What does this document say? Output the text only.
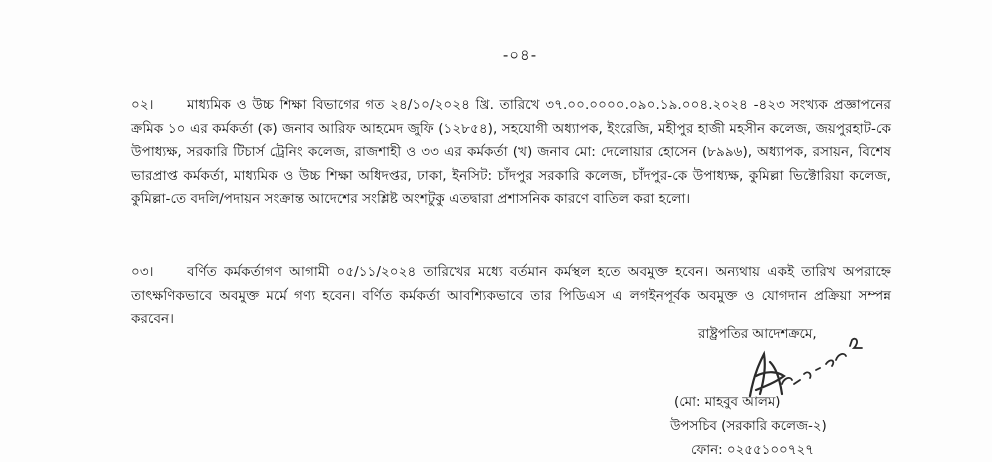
-০৪-
০২। মাধ্যমিক ও উচ্চ শিক্ষা বিভাগের গত ২৪/১০/২০২৪ খ্রি. তারিখে ৩৭.০০.০০০০.০৯০.১৯.০০৪.২০২৪ -৪২৩ সংখ্যক প্রজ্ঞাপনের ক্রমিক ১০ এর কর্মকর্তা (ক) জনাব আরিফ আহমেদ জুফি (১২৮৫৪), সহযোগী অধ্যাপক, ইংরেজি, মহীপুর হাজী মহসীন কলেজ, জয়পুরহাট-কে উপাধ্যক্ষ, সরকারি টিচার্স ট্রেনিং কলেজ, রাজশাহী ও ৩৩ এর কর্মকর্তা (খ) জনাব মো: দেলোয়ার হোসেন (৮৯৯৬), অধ্যাপক, রসায়ন, বিশেষ ভারপ্রাপ্ত কর্মকর্তা, মাধ্যমিক ও উচ্চ শিক্ষা অধিদপ্তর, ঢাকা, ইনসিট: চাঁদপুর সরকারি কলেজ, চাঁদপুর-কে উপাধ্যক্ষ, কুমিল্লা ভিক্টোরিয়া কলেজ, কুমিল্লা-তে বদলি/পদায়ন সংক্রান্ত আদেশের সংশ্লিষ্ট অংশটুকু এতদ্বারা প্রশাসনিক কারণে বাতিল করা হলো।
০৩। বর্ণিত কর্মকর্তাগণ আগামী ০৫/১১/২০২৪ তারিখের মধ্যে বর্তমান কর্মস্থল হতে অবমুক্ত হবেন। অন্যথায় একই তারিখ অপরাহ্নে তাৎক্ষণিকভাবে অবমুক্ত মর্মে গণ্য হবেন। বর্ণিত কর্মকর্তা আবশ্যিকভাবে তার পিডিএস এ লগইনপূর্বক অবমুক্ত ও যোগদান প্রক্রিয়া সম্পন্ন করবেন।
রাষ্ট্রপতির আদেশক্রমে,
(মো: মাহবুব আলম)
উপসচিব (সরকারি কলেজ-২)
ফোন: ০২৫৫১০০৭২৭
